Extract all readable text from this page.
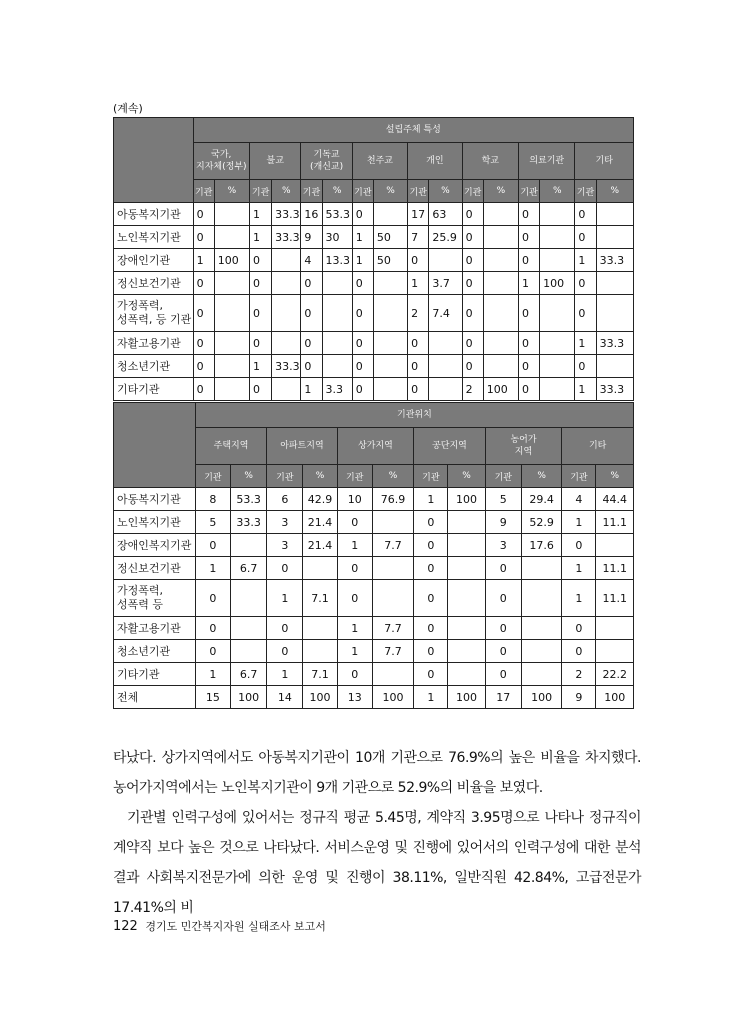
(계속)
	설립주체 특성															
	국가,
지자체(정부)		불교		기독교
(개신교)		천주교		개인		학교		의료기관		기타	
	기관	%	기관	%	기관	%	기관	%	기관	%	기관	%	기관	%	기관	%
아동복지기관	0		1	33.3	16	53.3	0		17	63	0		0		0	
노인복지기관	0		1	33.3	9	30	1	50	7	25.9	0		0		0	
장애인기관	1	100	0		4	13.3	1	50	0		0		0		1	33.3
정신보건기관	0		0		0		0		1	3.7	0		1	100	0	
가정폭력,
성폭력, 등 기관	0		0		0		0		2	7.4	0		0		0	
자활고용기관	0		0		0		0		0		0		0		1	33.3
청소년기관	0		1	33.3	0		0		0		0		0		0	
기타기관	0		0		1	3.3	0		0		2	100	0		1	33.3
	기관위치											
	주택지역		아파트지역		상가지역		공단지역		농어가
지역		기타	
	기관	%	기관	%	기관	%	기관	%	기관	%	기관	%
아동복지기관	8	53.3	6	42.9	10	76.9	1	100	5	29.4	4	44.4
노인복지기관	5	33.3	3	21.4	0		0		9	52.9	1	11.1
장애인복지기관	0		3	21.4	1	7.7	0		3	17.6	0	
정신보건기관	1	6.7	0		0		0		0		1	11.1
가정폭력,
성폭력 등	0		1	7.1	0		0		0		1	11.1
자활고용기관	0		0		1	7.7	0		0		0	
청소년기관	0		0		1	7.7	0		0		0	
기타기관	1	6.7	1	7.1	0		0		0		2	22.2
전체	15	100	14	100	13	100	1	100	17	100	9	100

타났다. 상가지역에서도 아동복지기관이 10개 기관으로 76.9%의 높은 비율을 차지했다. 농어가지역에서는 노인복지기관이 9개 기관으로 52.9%의 비율을 보였다.

기관별 인력구성에 있어서는 정규직 평균 5.45명, 계약직 3.95명으로 나타나 정규직이 계약직 보다 높은 것으로 나타났다. 서비스운영 및 진행에 있어서의 인력구성에 대한 분석결과 사회복지전문가에 의한 운영 및 진행이 38.11%, 일반직원 42.84%, 고급전문가 17.41%의 비

122 경기도 민간복지자원 실태조사 보고서
